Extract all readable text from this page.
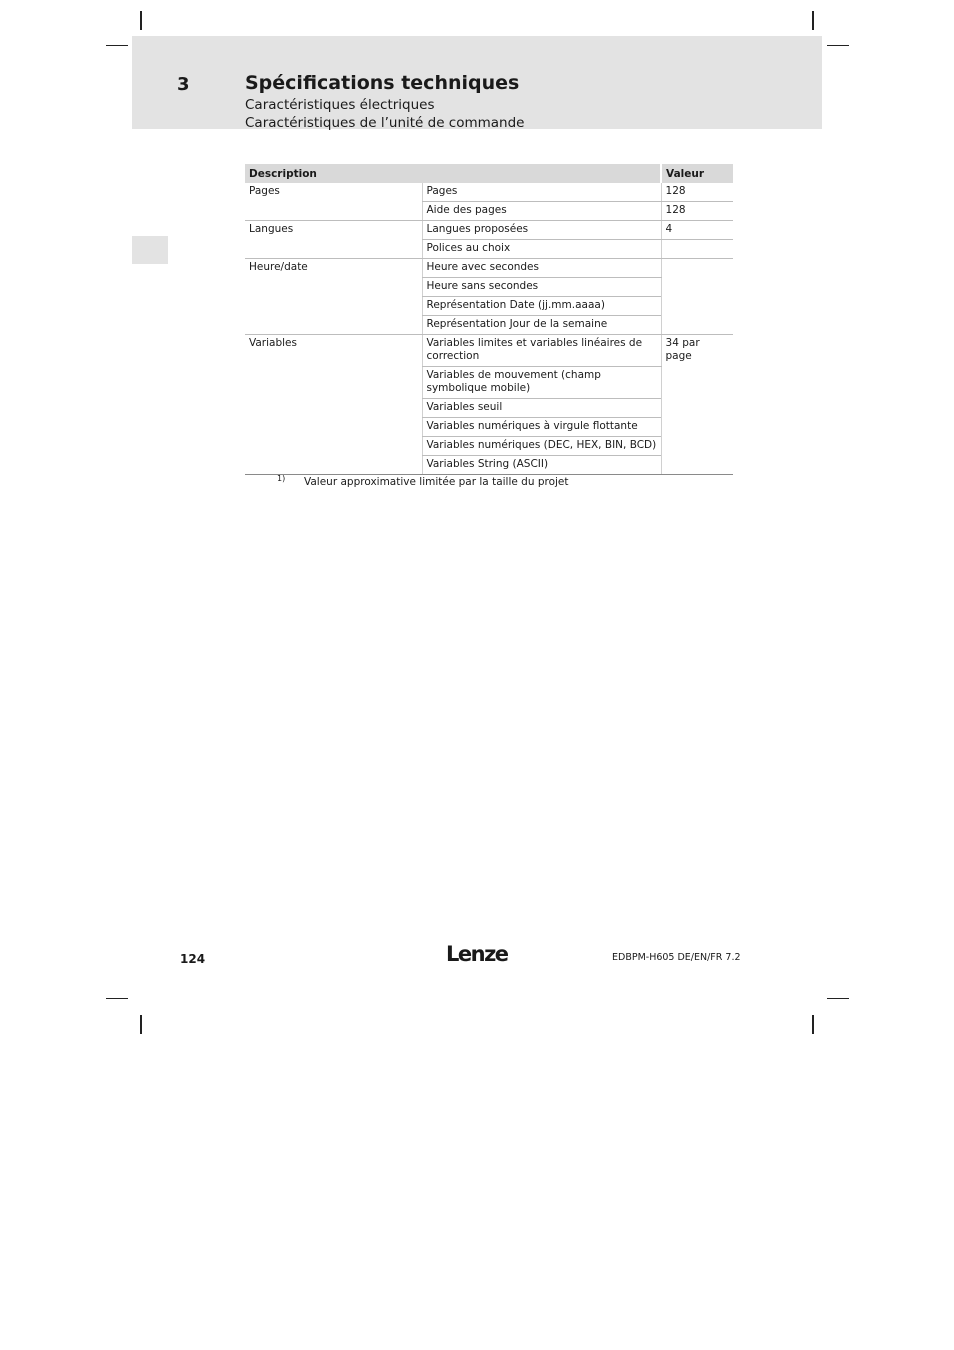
3	Spécifications techniques
Caractéristiques électriques
Caractéristiques de l’unité de commande
Description		Valeur
Pages	Pages	128
	Aide des pages	128
Langues	Langues proposées	4
	Polices au choix	
Heure/date	Heure avec secondes	
	Heure sans secondes	
	Représentation Date (jj.mm.aaaa)	
	Représentation Jour de la semaine	
Variables	Variables limites et variables linéaires de correction	34 par page
	Variables de mouvement (champ symbolique mobile)	
	Variables seuil	
	Variables numériques à virgule flottante	
	Variables numériques (DEC, HEX, BIN, BCD)	
	Variables String (ASCII)	
$^{1)}$ Valeur approximative limitée par la taille du projet
124	Lenze	EDBPM-H605 DE/EN/FR 7.2
